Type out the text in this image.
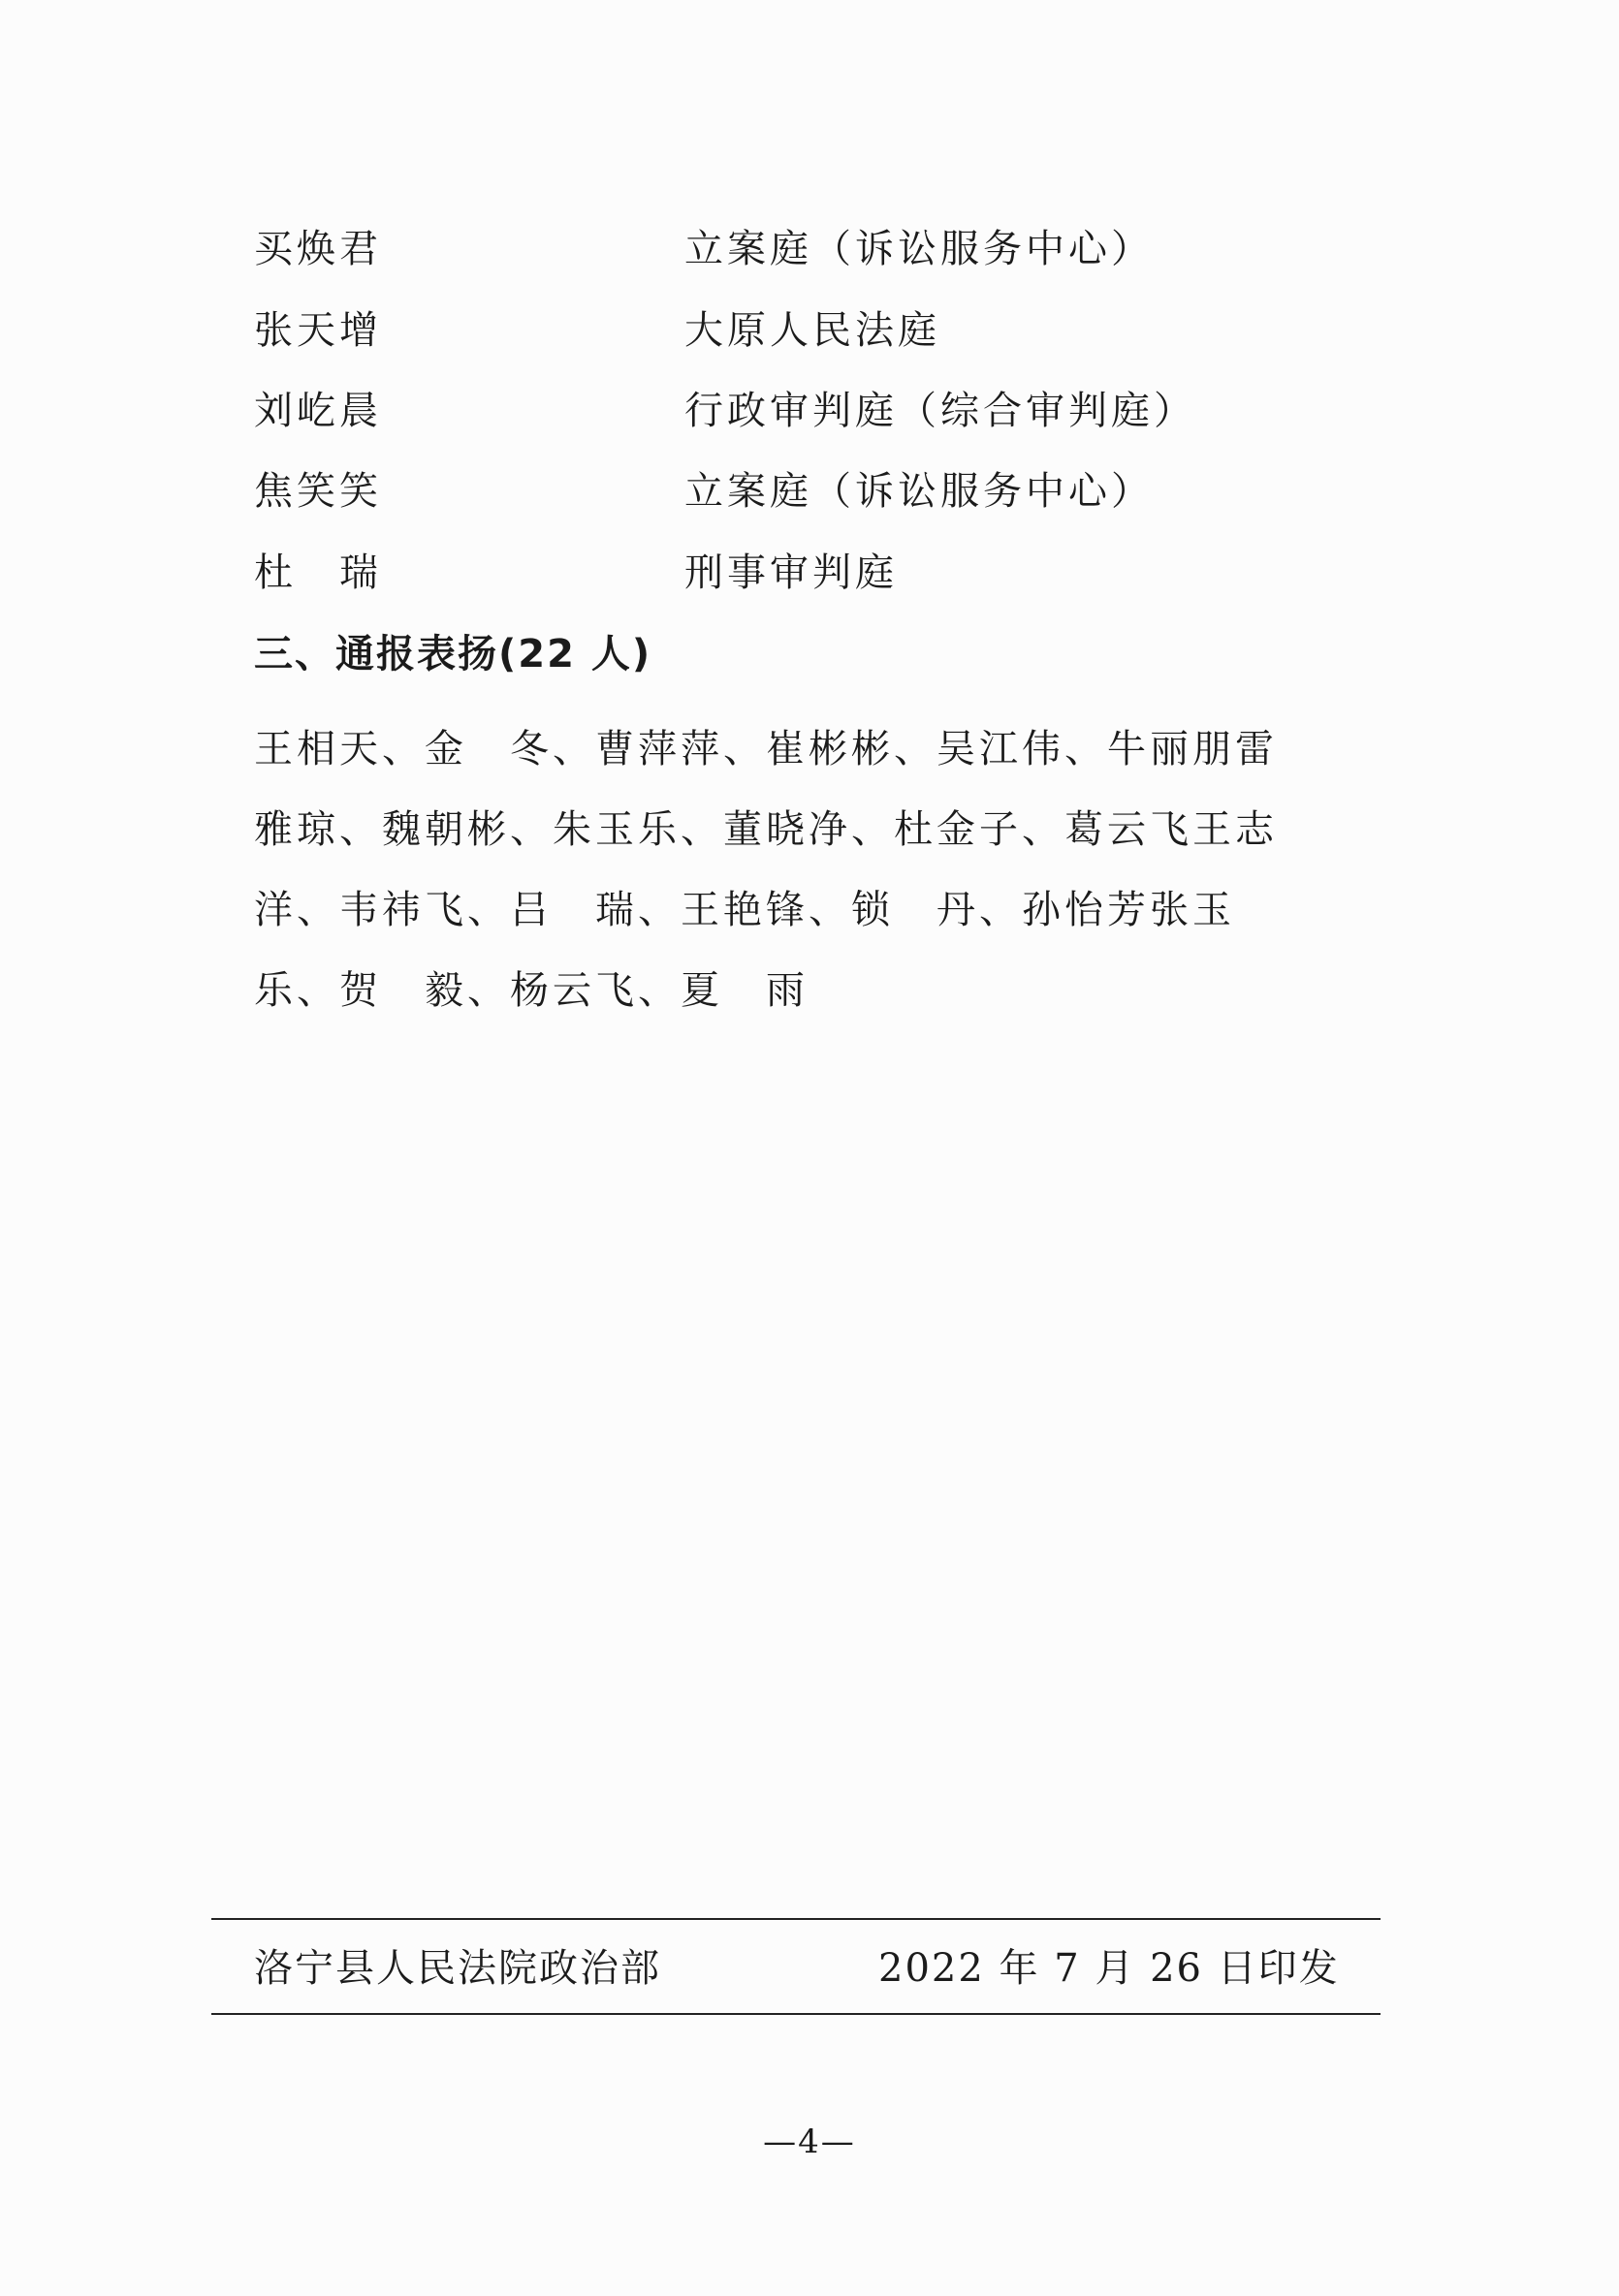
买焕君	立案庭（诉讼服务中心）
张天增	大原人民法庭
刘屹晨	行政审判庭（综合审判庭）
焦笑笑	立案庭（诉讼服务中心）
杜　瑞	刑事审判庭
三、通报表扬(22 人)
王相天、金　冬、曹萍萍、崔彬彬、吴江伟、牛丽朋雷雅琼、魏朝彬、朱玉乐、董晓净、杜金子、葛云飞王志洋、韦祎飞、吕　瑞、王艳锋、锁　丹、孙怡芳张玉乐、贺　毅、杨云飞、夏　雨
洛宁县人民法院政治部	2022 年 7 月 26 日印发
—4—
